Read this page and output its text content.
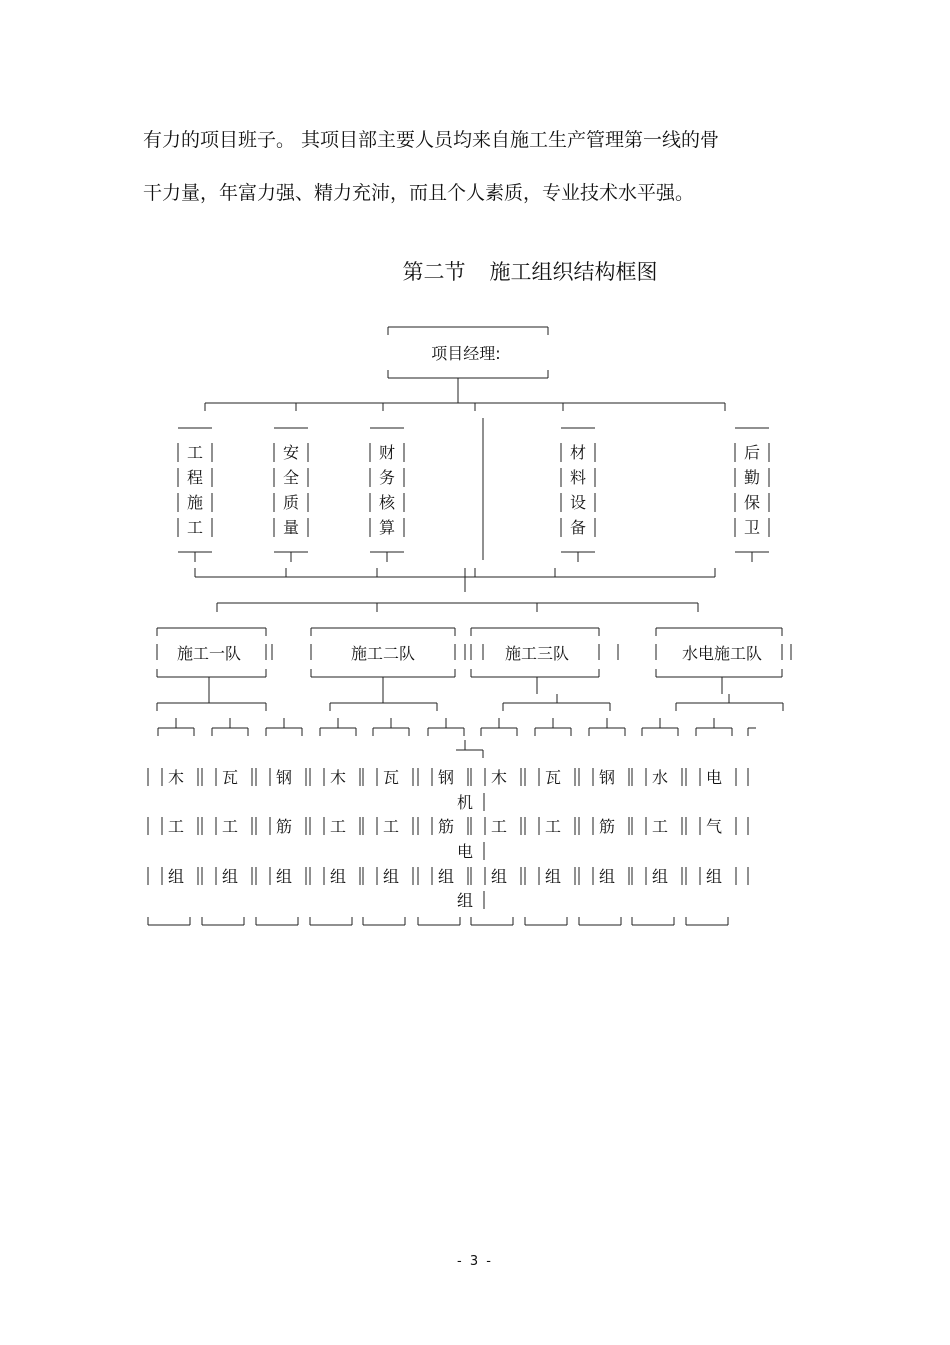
有力的项目班子。 其项目部主要人员均来自施工生产管理第一线的骨
干力量，年富力强、精力充沛，而且个人素质，专业技术水平强。
第二节 施工组织结构框图
项目经理:
工
程
施
工
安
全
质
量
财
务
核
算
材
料
设
备
后
勤
保
卫
施工一队	施工二队	施工三队	水电施工队
木
工
组
瓦
工
组
钢
筋
组
木
工
组
瓦
工
组
钢
筋
组
木
工
组
瓦
工
组
钢
筋
组
水
工
组
电
气
组
机
电
组
- 3 -
